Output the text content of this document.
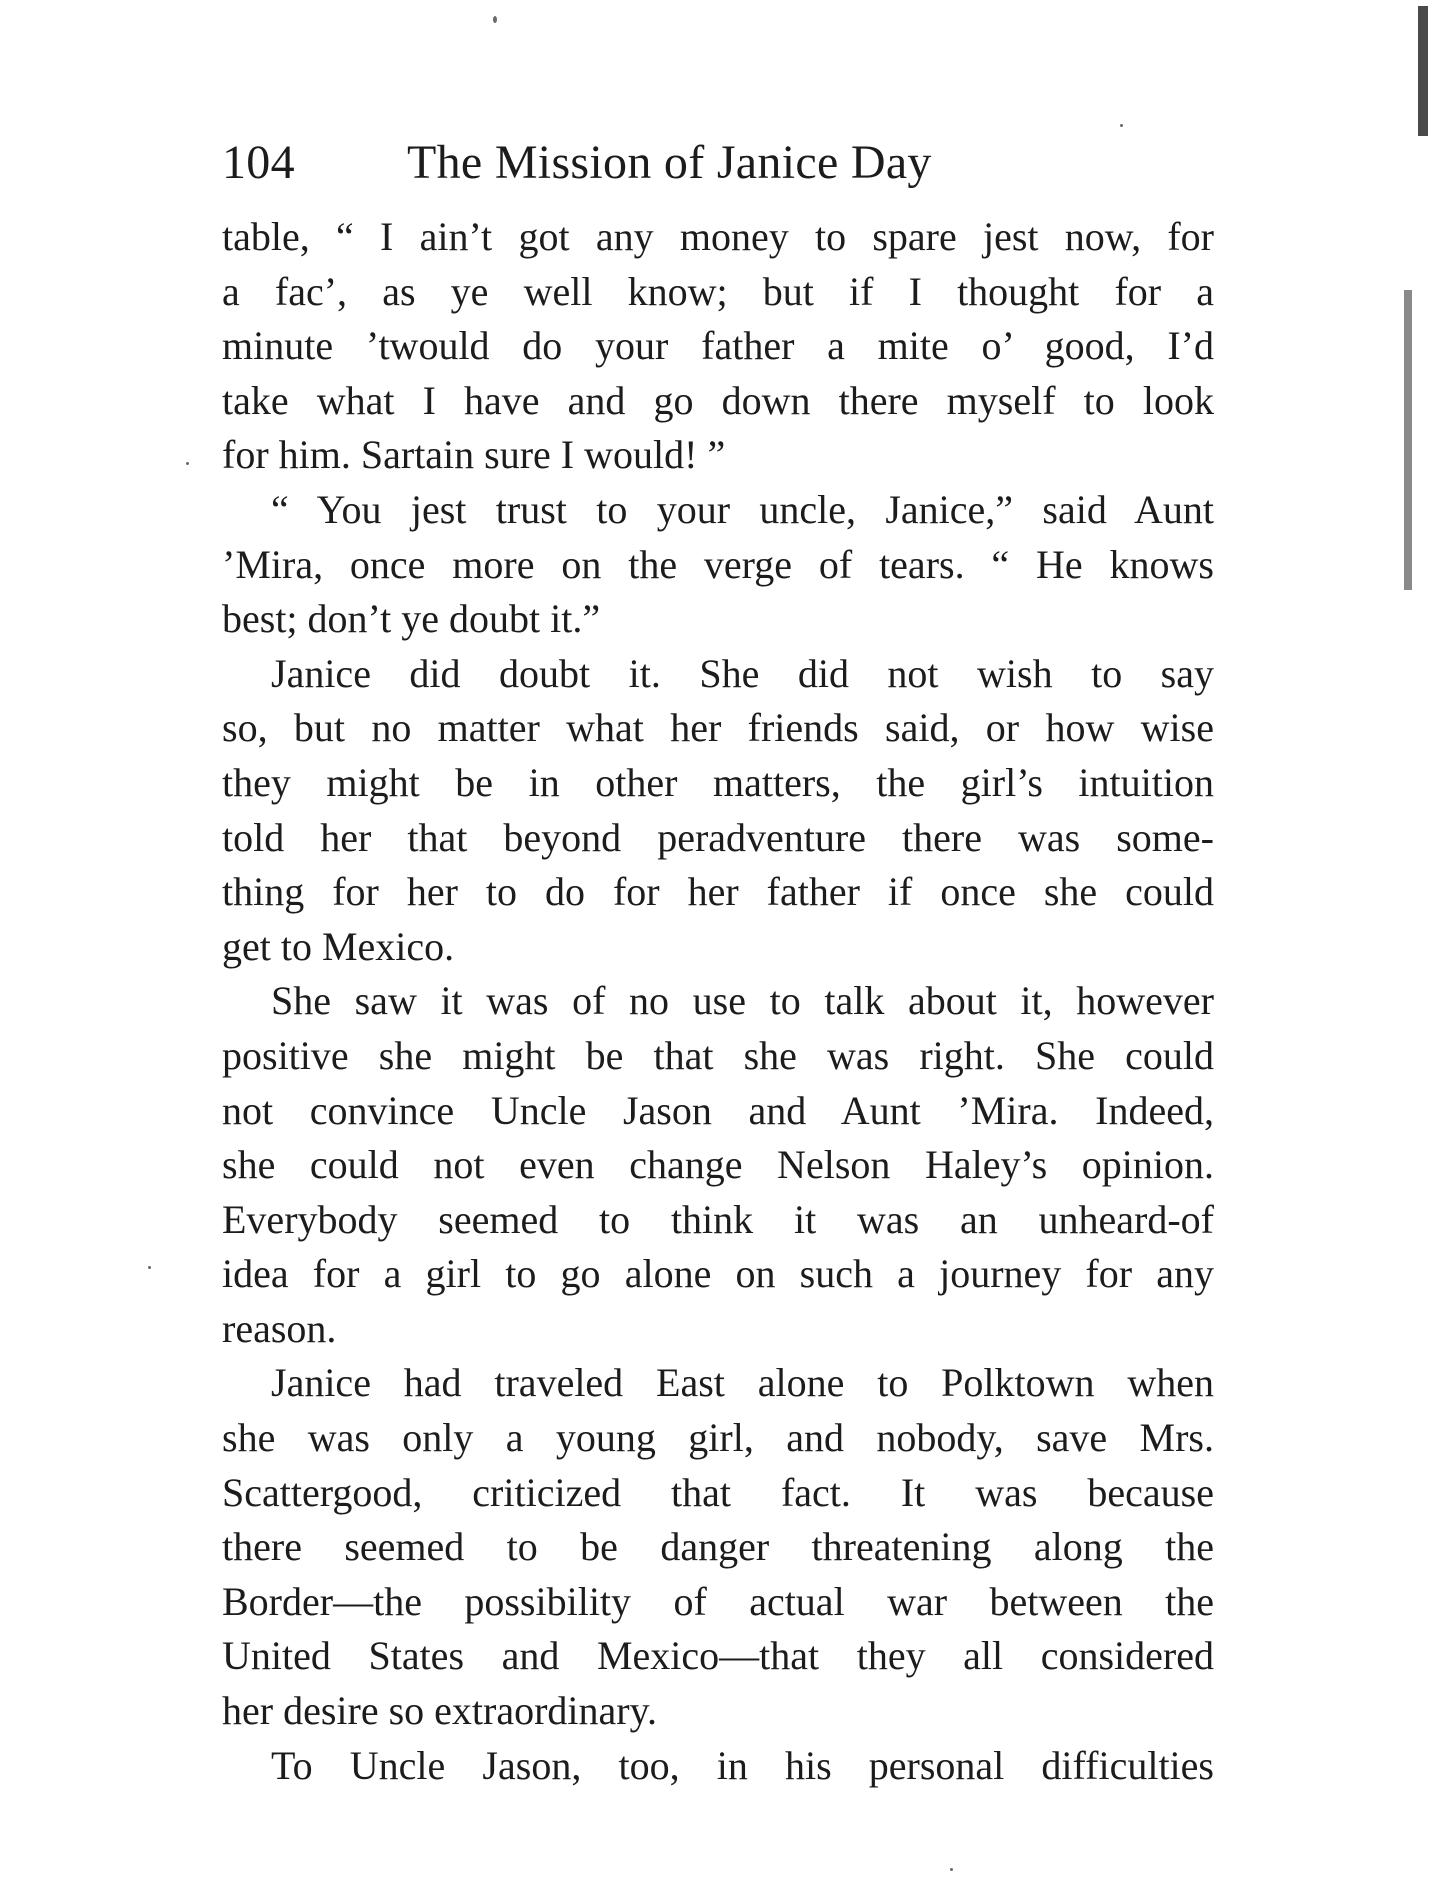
104 The Mission of Janice Day
table, “ I ain’t got any money to spare jest now, for
a fac’, as ye well know; but if I thought for a
minute ’twould do your father a mite o’ good, I’d
take what I have and go down there myself to look
for him. Sartain sure I would! ”
“ You jest trust to your uncle, Janice,” said Aunt
’Mira, once more on the verge of tears. “ He knows
best; don’t ye doubt it.”
Janice did doubt it. She did not wish to say
so, but no matter what her friends said, or how wise
they might be in other matters, the girl’s intuition
told her that beyond peradventure there was some-
thing for her to do for her father if once she could
get to Mexico.
She saw it was of no use to talk about it, however
positive she might be that she was right. She could
not convince Uncle Jason and Aunt ’Mira. Indeed,
she could not even change Nelson Haley’s opinion.
Everybody seemed to think it was an unheard-of
idea for a girl to go alone on such a journey for any
reason.
Janice had traveled East alone to Polktown when
she was only a young girl, and nobody, save Mrs.
Scattergood, criticized that fact. It was because
there seemed to be danger threatening along the
Border—the possibility of actual war between the
United States and Mexico—that they all considered
her desire so extraordinary.
To Uncle Jason, too, in his personal difficulties
